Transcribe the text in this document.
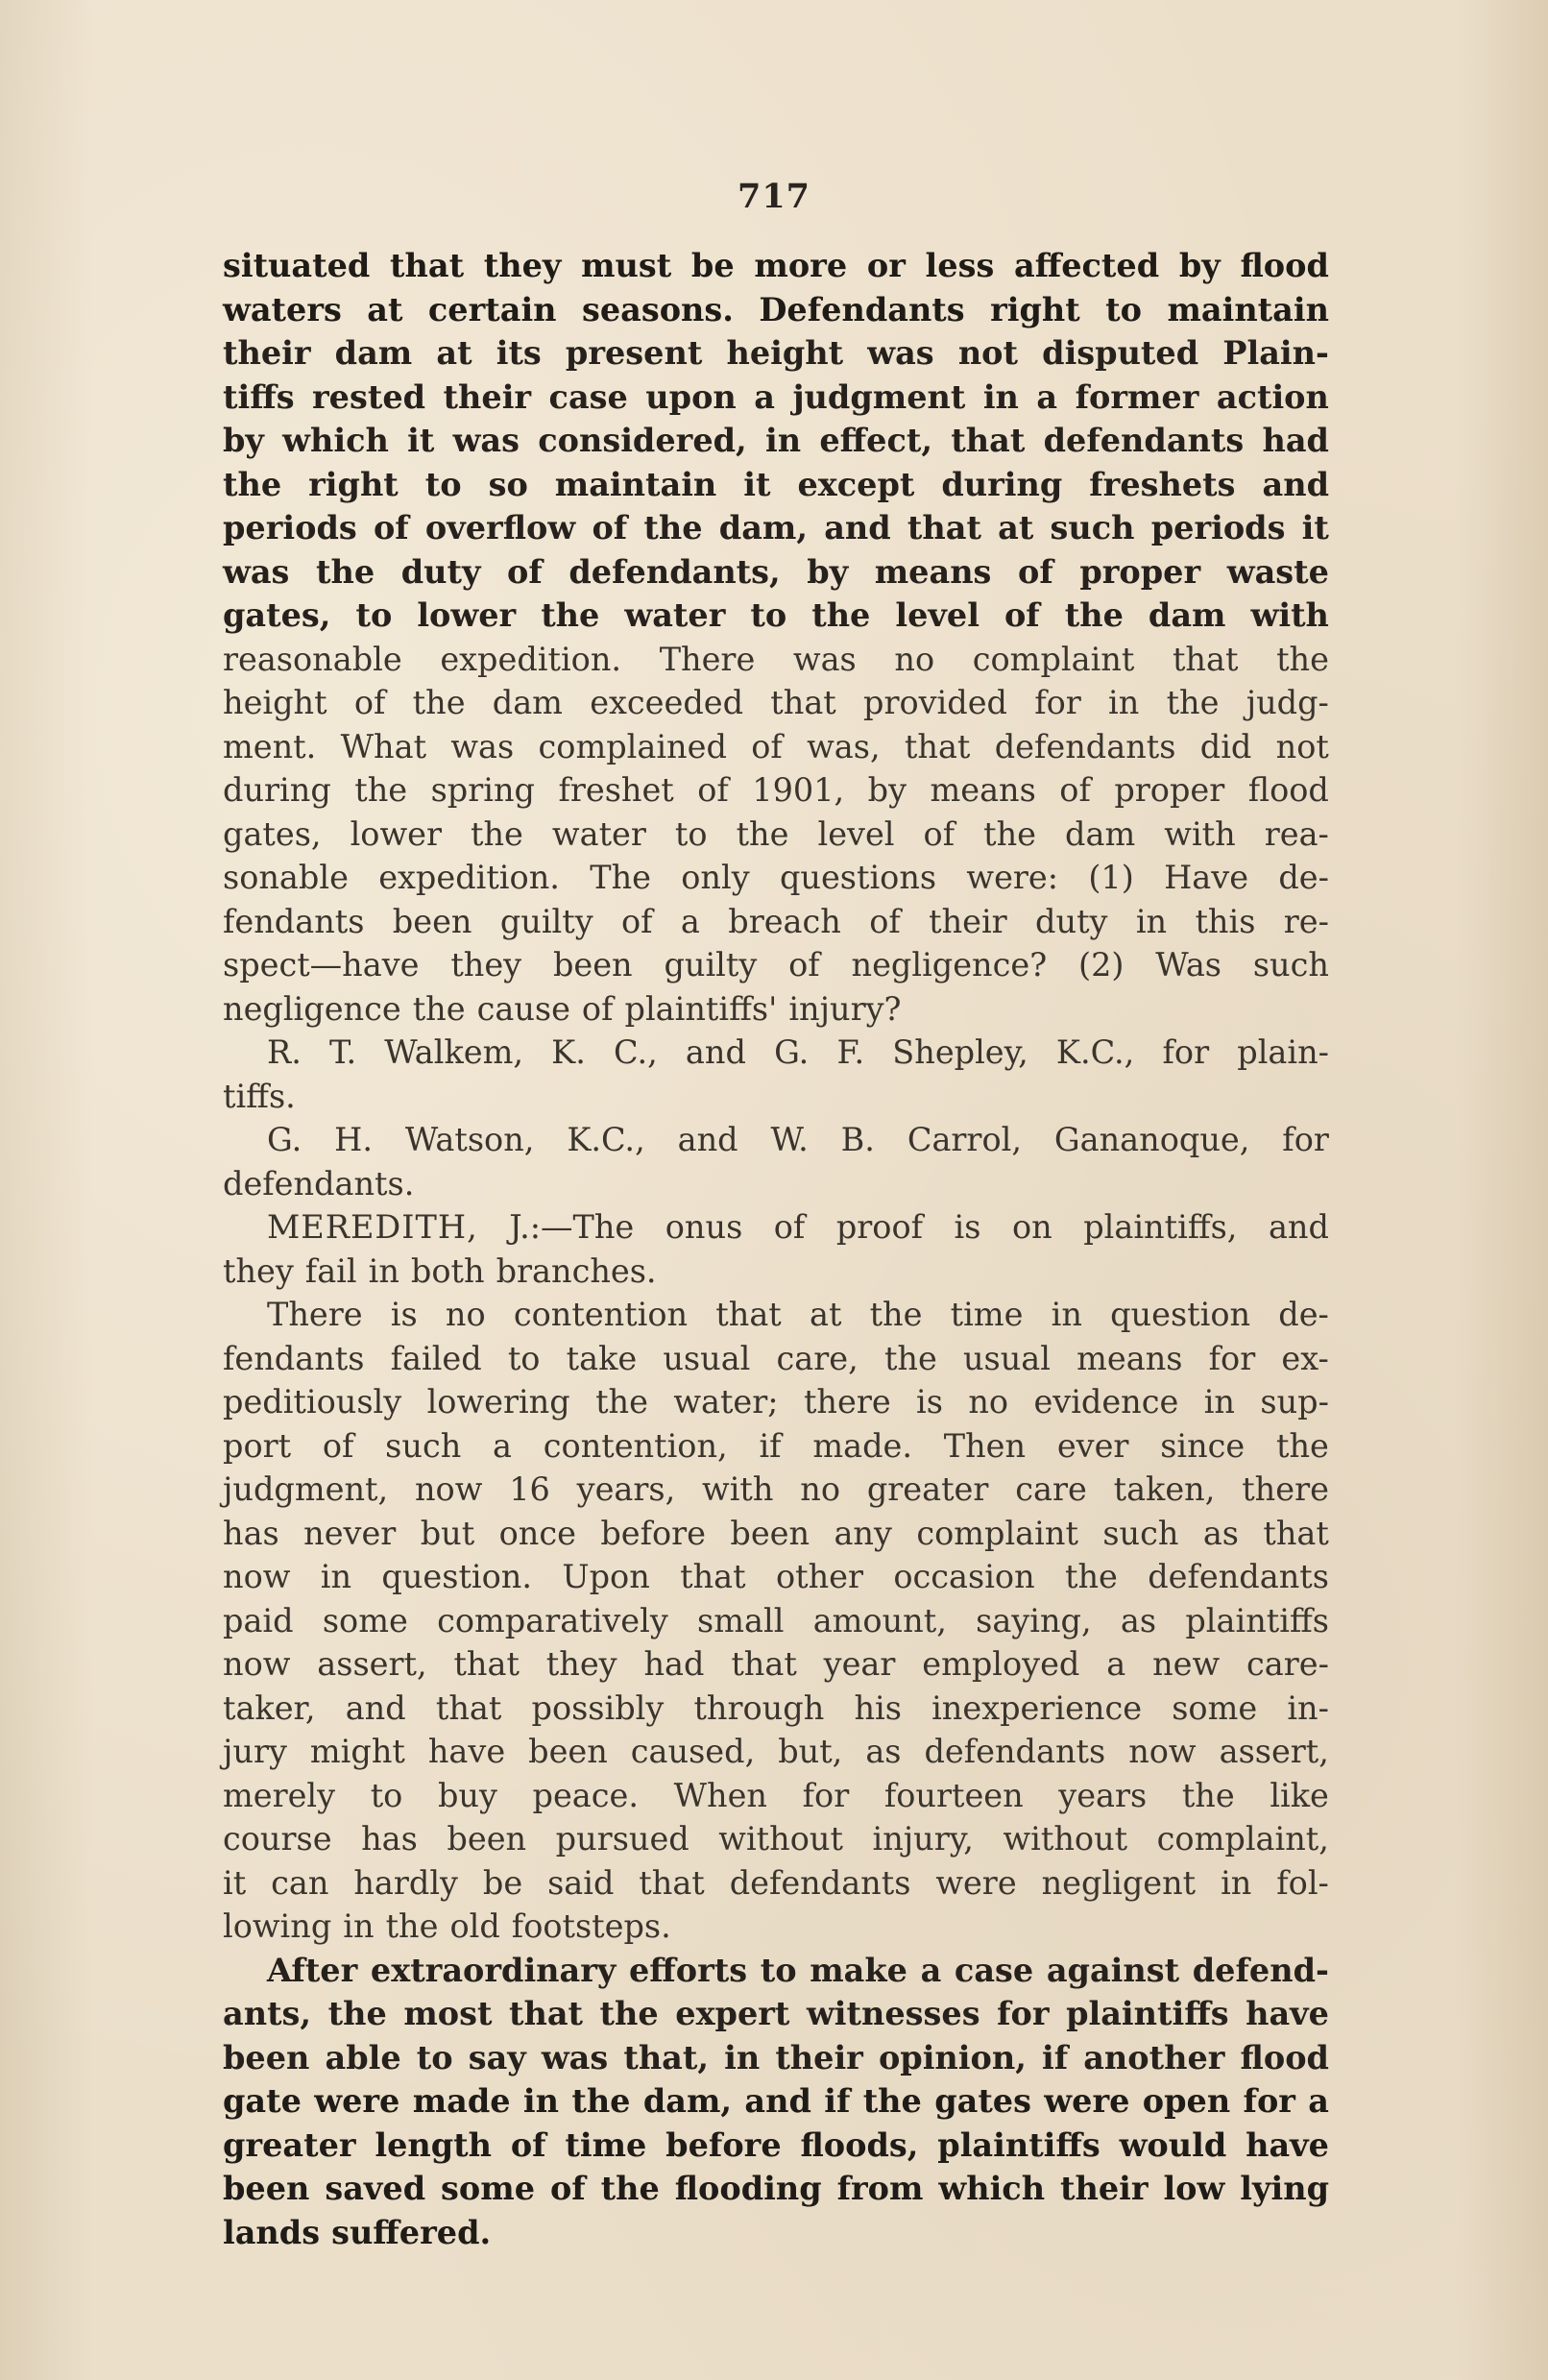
717
situated that they must be more or less affected by flood
waters at certain seasons. Defendants right to maintain
their dam at its present height was not disputed Plain-
tiffs rested their case upon a judgment in a former action
by which it was considered, in effect, that defendants had
the right to so maintain it except during freshets and
periods of overflow of the dam, and that at such periods it
was the duty of defendants, by means of proper waste
gates, to lower the water to the level of the dam with
reasonable expedition. There was no complaint that the
height of the dam exceeded that provided for in the judg-
ment. What was complained of was, that defendants did not
during the spring freshet of 1901, by means of proper flood
gates, lower the water to the level of the dam with rea-
sonable expedition. The only questions were: (1) Have de-
fendants been guilty of a breach of their duty in this re-
spect—have they been guilty of negligence? (2) Was such
negligence the cause of plaintiffs' injury?
R. T. Walkem, K. C., and G. F. Shepley, K.C., for plain-
tiffs.
G. H. Watson, K.C., and W. B. Carrol, Gananoque, for
defendants.
MEREDITH, J.:—The onus of proof is on plaintiffs, and
they fail in both branches.
There is no contention that at the time in question de-
fendants failed to take usual care, the usual means for ex-
peditiously lowering the water; there is no evidence in sup-
port of such a contention, if made. Then ever since the
judgment, now 16 years, with no greater care taken, there
has never but once before been any complaint such as that
now in question. Upon that other occasion the defendants
paid some comparatively small amount, saying, as plaintiffs
now assert, that they had that year employed a new care-
taker, and that possibly through his inexperience some in-
jury might have been caused, but, as defendants now assert,
merely to buy peace. When for fourteen years the like
course has been pursued without injury, without complaint,
it can hardly be said that defendants were negligent in fol-
lowing in the old footsteps.
After extraordinary efforts to make a case against defend-
ants, the most that the expert witnesses for plaintiffs have
been able to say was that, in their opinion, if another flood
gate were made in the dam, and if the gates were open for a
greater length of time before floods, plaintiffs would have
been saved some of the flooding from which their low lying
lands suffered.
